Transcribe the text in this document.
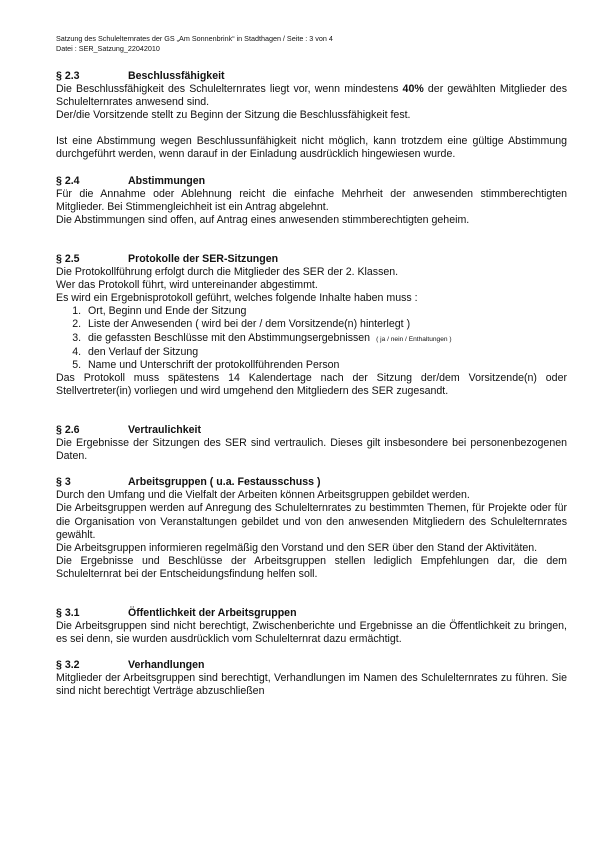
Satzung des Schulelternrates der GS „Am Sonnenbrink“ in Stadthagen / Seite : 3 von 4
Datei : SER_Satzung_22042010
§ 2.3	Beschlussfähigkeit

Die Beschlussfähigkeit des Schulelternrates liegt vor, wenn mindestens 40% der gewählten Mitglieder des Schulelternrates anwesend sind.

Der/die Vorsitzende stellt zu Beginn der Sitzung die Beschlussfähigkeit fest.

Ist eine Abstimmung wegen Beschlussunfähigkeit nicht möglich, kann trotzdem eine gültige Abstimmung durchgeführt werden, wenn darauf in der Einladung ausdrücklich hingewiesen wurde.

§ 2.4	Abstimmungen

Für die Annahme oder Ablehnung reicht die einfache Mehrheit der anwesenden stimmberechtigten Mitglieder. Bei Stimmengleichheit ist ein Antrag abgelehnt.

Die Abstimmungen sind offen, auf Antrag eines anwesenden stimmberechtigten geheim.

§ 2.5	Protokolle der SER-Sitzungen

Die Protokollführung erfolgt durch die Mitglieder des SER der 2. Klassen.

Wer das Protokoll führt, wird untereinander abgestimmt.

Es wird ein Ergebnisprotokoll geführt, welches folgende Inhalte haben muss :

1. Ort, Beginn und Ende der Sitzung
2. Liste der Anwesenden ( wird bei der / dem Vorsitzende(n) hinterlegt )
3. die gefassten Beschlüsse mit den Abstimmungsergebnissen ( ja / nein / Enthaltungen )
4. den Verlauf der Sitzung
5. Name und Unterschrift der protokollführenden Person

Das Protokoll muss spätestens 14 Kalendertage nach der Sitzung der/dem Vorsitzende(n) oder Stellvertreter(in) vorliegen und wird umgehend den Mitgliedern des SER zugesandt.

§ 2.6	Vertraulichkeit

Die Ergebnisse der Sitzungen des SER sind vertraulich. Dieses gilt insbesondere bei personenbezogenen Daten.

§ 3	Arbeitsgruppen ( u.a. Festausschuss )

Durch den Umfang und die Vielfalt der Arbeiten können Arbeitsgruppen gebildet werden.

Die Arbeitsgruppen werden auf Anregung des Schulelternrates zu bestimmten Themen, für Projekte oder für die Organisation von Veranstaltungen gebildet und von den anwesenden Mitgliedern des Schulelternrates gewählt.

Die Arbeitsgruppen informieren regelmäßig den Vorstand und den SER über den Stand der Aktivitäten.

Die Ergebnisse und Beschlüsse der Arbeitsgruppen stellen lediglich Empfehlungen dar, die dem Schulelternrat bei der Entscheidungsfindung helfen soll.

§ 3.1	Öffentlichkeit der Arbeitsgruppen

Die Arbeitsgruppen sind nicht berechtigt, Zwischenberichte und Ergebnisse an die Öffentlichkeit zu bringen, es sei denn, sie wurden ausdrücklich vom Schulelternrat dazu ermächtigt.

§ 3.2	Verhandlungen

Mitglieder der Arbeitsgruppen sind berechtigt, Verhandlungen im Namen des Schulelternrates zu führen. Sie sind nicht berechtigt Verträge abzuschließen
